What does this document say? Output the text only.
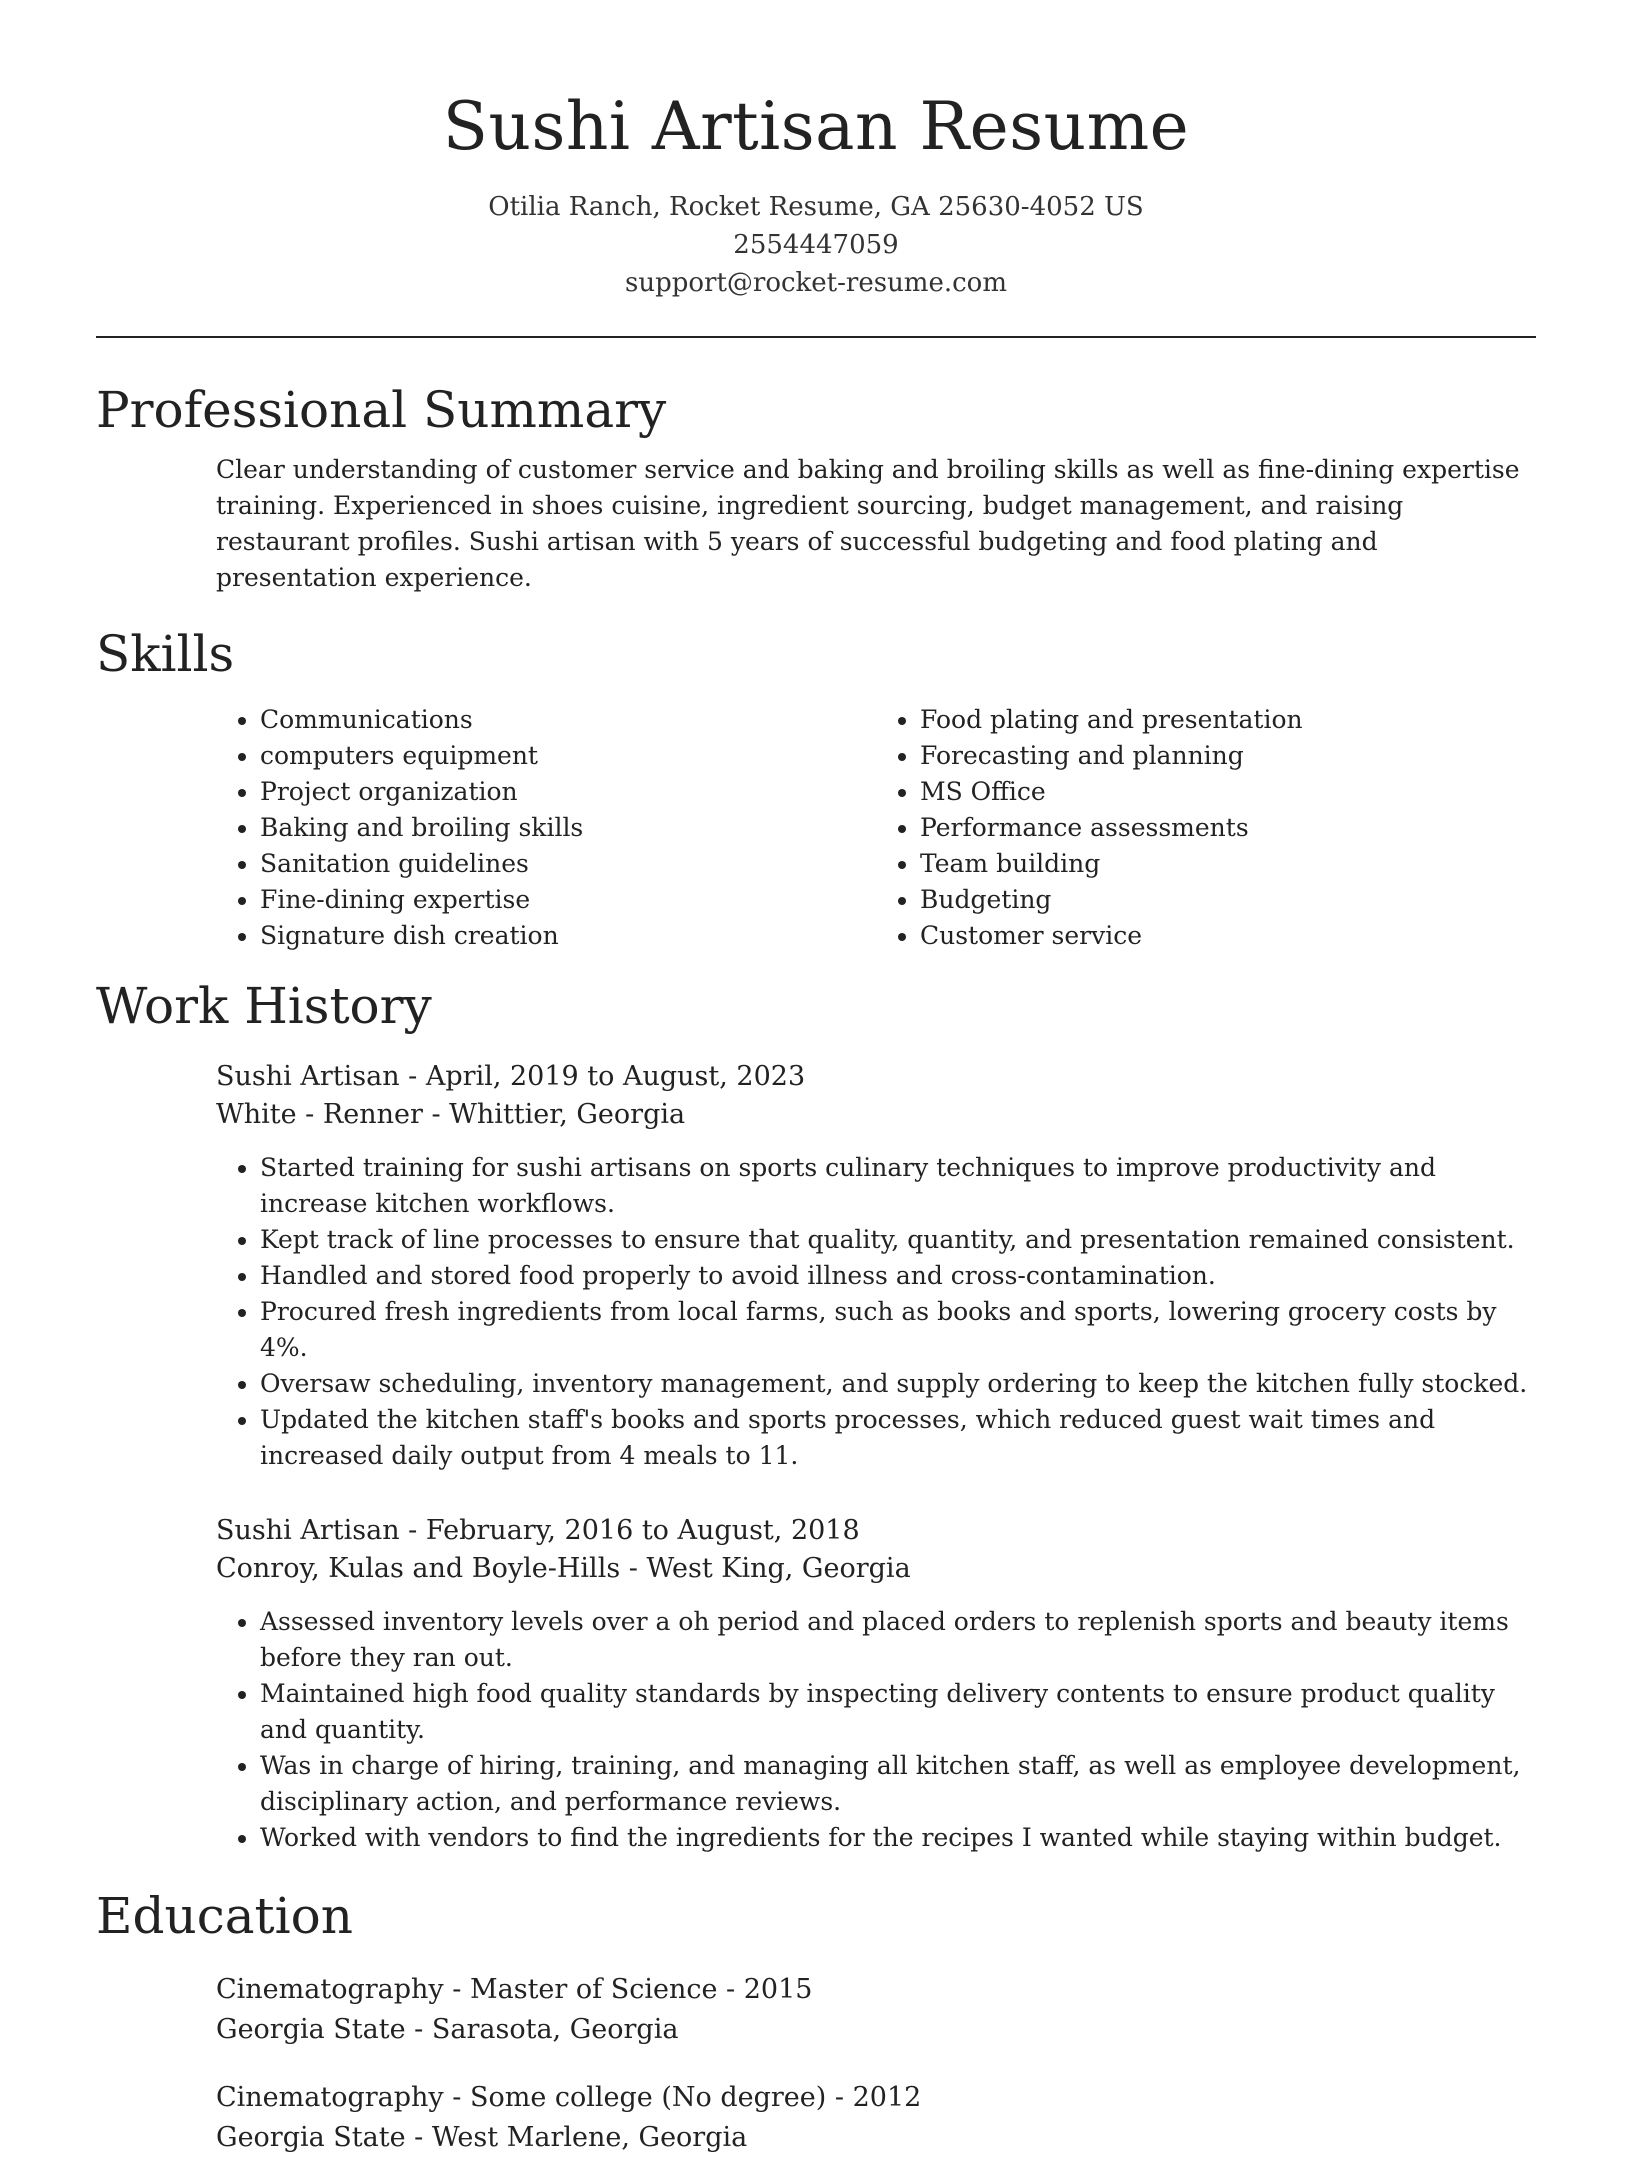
Sushi Artisan Resume
Otilia Ranch, Rocket Resume, GA 25630-4052 US
2554447059
support@rocket-resume.com
Professional Summary
Clear understanding of customer service and baking and broiling skills as well as fine-dining expertise training. Experienced in shoes cuisine, ingredient sourcing, budget management, and raising restaurant profiles. Sushi artisan with 5 years of successful budgeting and food plating and presentation experience.
Skills
• Communications
• computers equipment
• Project organization
• Baking and broiling skills
• Sanitation guidelines
• Fine-dining expertise
• Signature dish creation
• Food plating and presentation
• Forecasting and planning
• MS Office
• Performance assessments
• Team building
• Budgeting
• Customer service
Work History
Sushi Artisan - April, 2019 to August, 2023
White - Renner - Whittier, Georgia
• Started training for sushi artisans on sports culinary techniques to improve productivity and increase kitchen workflows.
• Kept track of line processes to ensure that quality, quantity, and presentation remained consistent.
• Handled and stored food properly to avoid illness and cross-contamination.
• Procured fresh ingredients from local farms, such as books and sports, lowering grocery costs by 4%.
• Oversaw scheduling, inventory management, and supply ordering to keep the kitchen fully stocked.
• Updated the kitchen staff's books and sports processes, which reduced guest wait times and increased daily output from 4 meals to 11.
Sushi Artisan - February, 2016 to August, 2018
Conroy, Kulas and Boyle-Hills - West King, Georgia
• Assessed inventory levels over a oh period and placed orders to replenish sports and beauty items before they ran out.
• Maintained high food quality standards by inspecting delivery contents to ensure product quality and quantity.
• Was in charge of hiring, training, and managing all kitchen staff, as well as employee development, disciplinary action, and performance reviews.
• Worked with vendors to find the ingredients for the recipes I wanted while staying within budget.
Education
Cinematography - Master of Science - 2015
Georgia State - Sarasota, Georgia
Cinematography - Some college (No degree) - 2012
Georgia State - West Marlene, Georgia
